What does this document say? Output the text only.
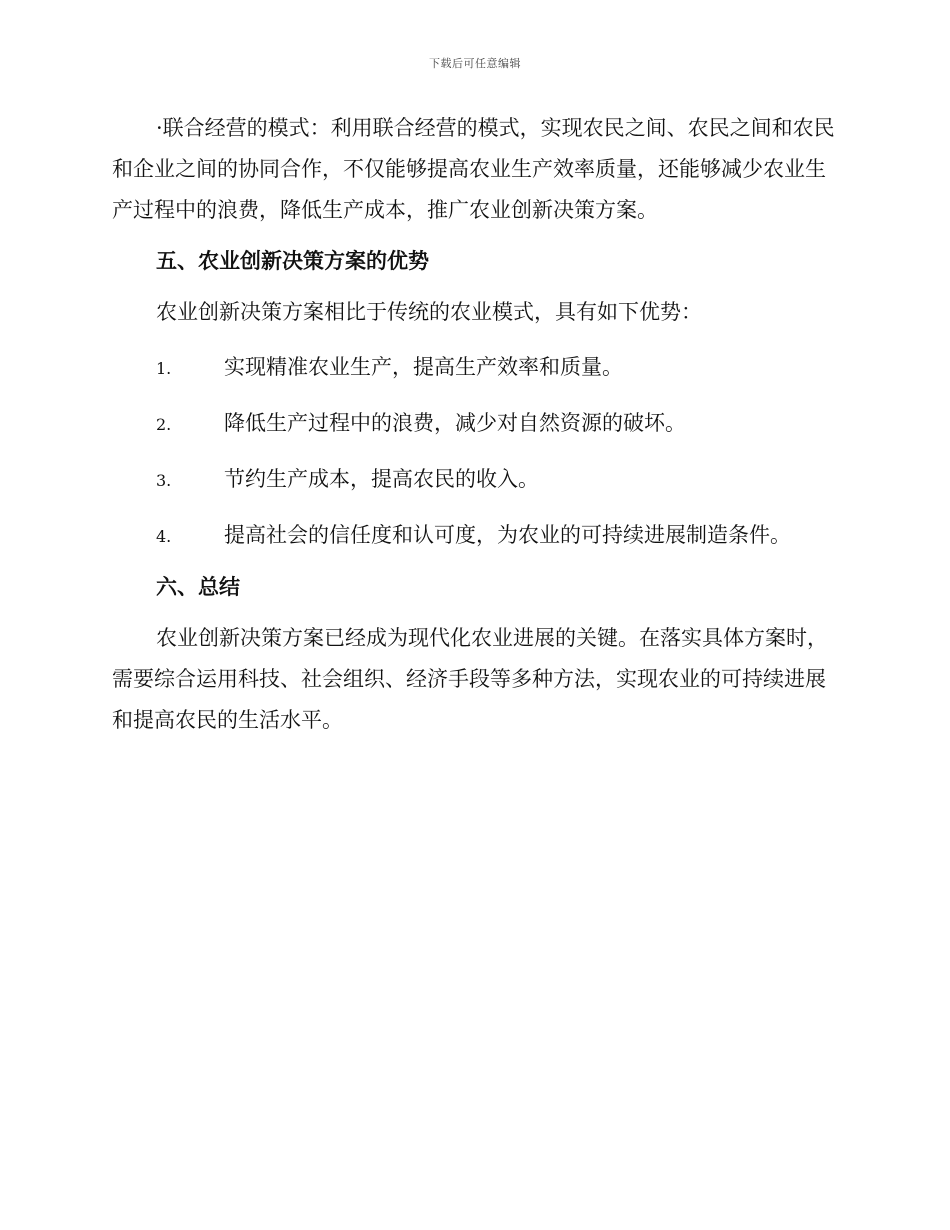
下载后可任意编辑

·联合经营的模式：利用联合经营的模式，实现农民之间、农民之间和农民和企业之间的协同合作，不仅能够提高农业生产效率质量，还能够减少农业生产过程中的浪费，降低生产成本，推广农业创新决策方案。

五、农业创新决策方案的优势

农业创新决策方案相比于传统的农业模式，具有如下优势：

1.	实现精准农业生产，提高生产效率和质量。
2.	降低生产过程中的浪费，减少对自然资源的破坏。
3.	节约生产成本，提高农民的收入。
4.	提高社会的信任度和认可度，为农业的可持续进展制造条件。
六、总结

农业创新决策方案已经成为现代化农业进展的关键。在落实具体方案时，需要综合运用科技、社会组织、经济手段等多种方法，实现农业的可持续进展和提高农民的生活水平。
